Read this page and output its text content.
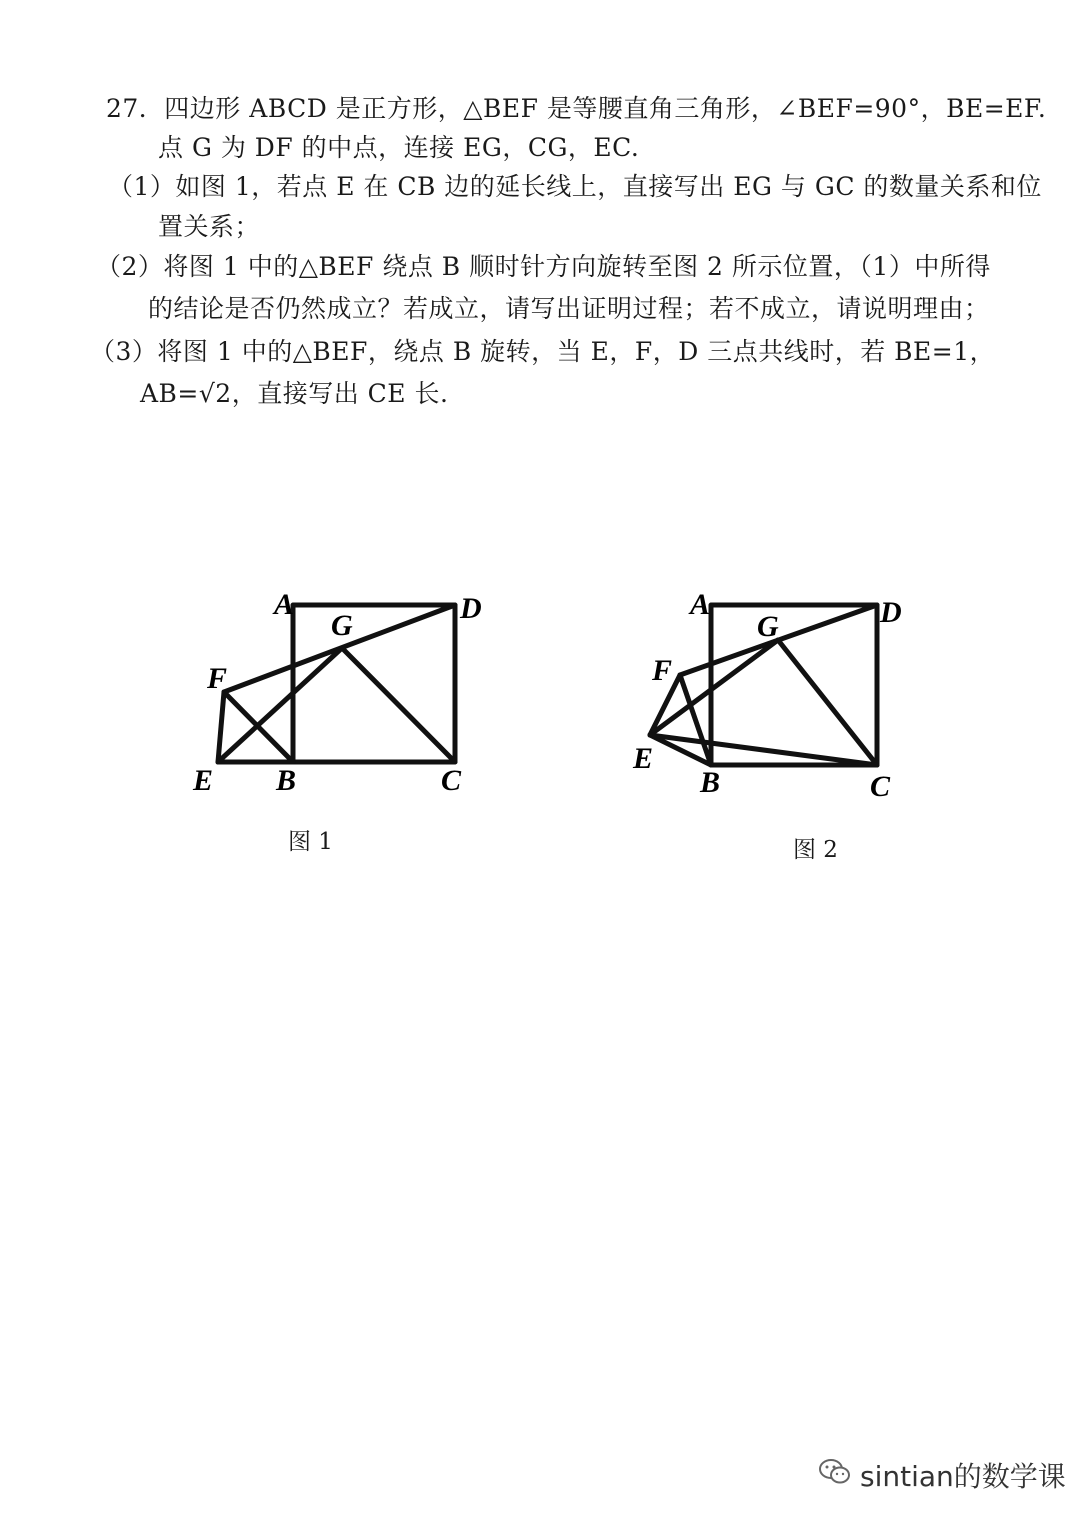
27．四边形 ABCD 是正方形，△BEF 是等腰直角三角形，∠BEF=90°，BE=EF.
点 G 为 DF 的中点，连接 EG，CG，EC.
（1）如图 1，若点 E 在 CB 边的延长线上，直接写出 EG 与 GC 的数量关系和位
置关系；
（2）将图 1 中的△BEF 绕点 B 顺时针方向旋转至图 2 所示位置，（1）中所得
的结论是否仍然成立？若成立，请写出证明过程；若不成立，请说明理由；
（3）将图 1 中的△BEF，绕点 B 旋转，当 E，F，D 三点共线时，若 BE=1，
AB=√2，直接写出 CE 长.
A	D
G
F
E B	C
图 1
A	D
G
F
E
B	C
图 2
sintian的数学课
